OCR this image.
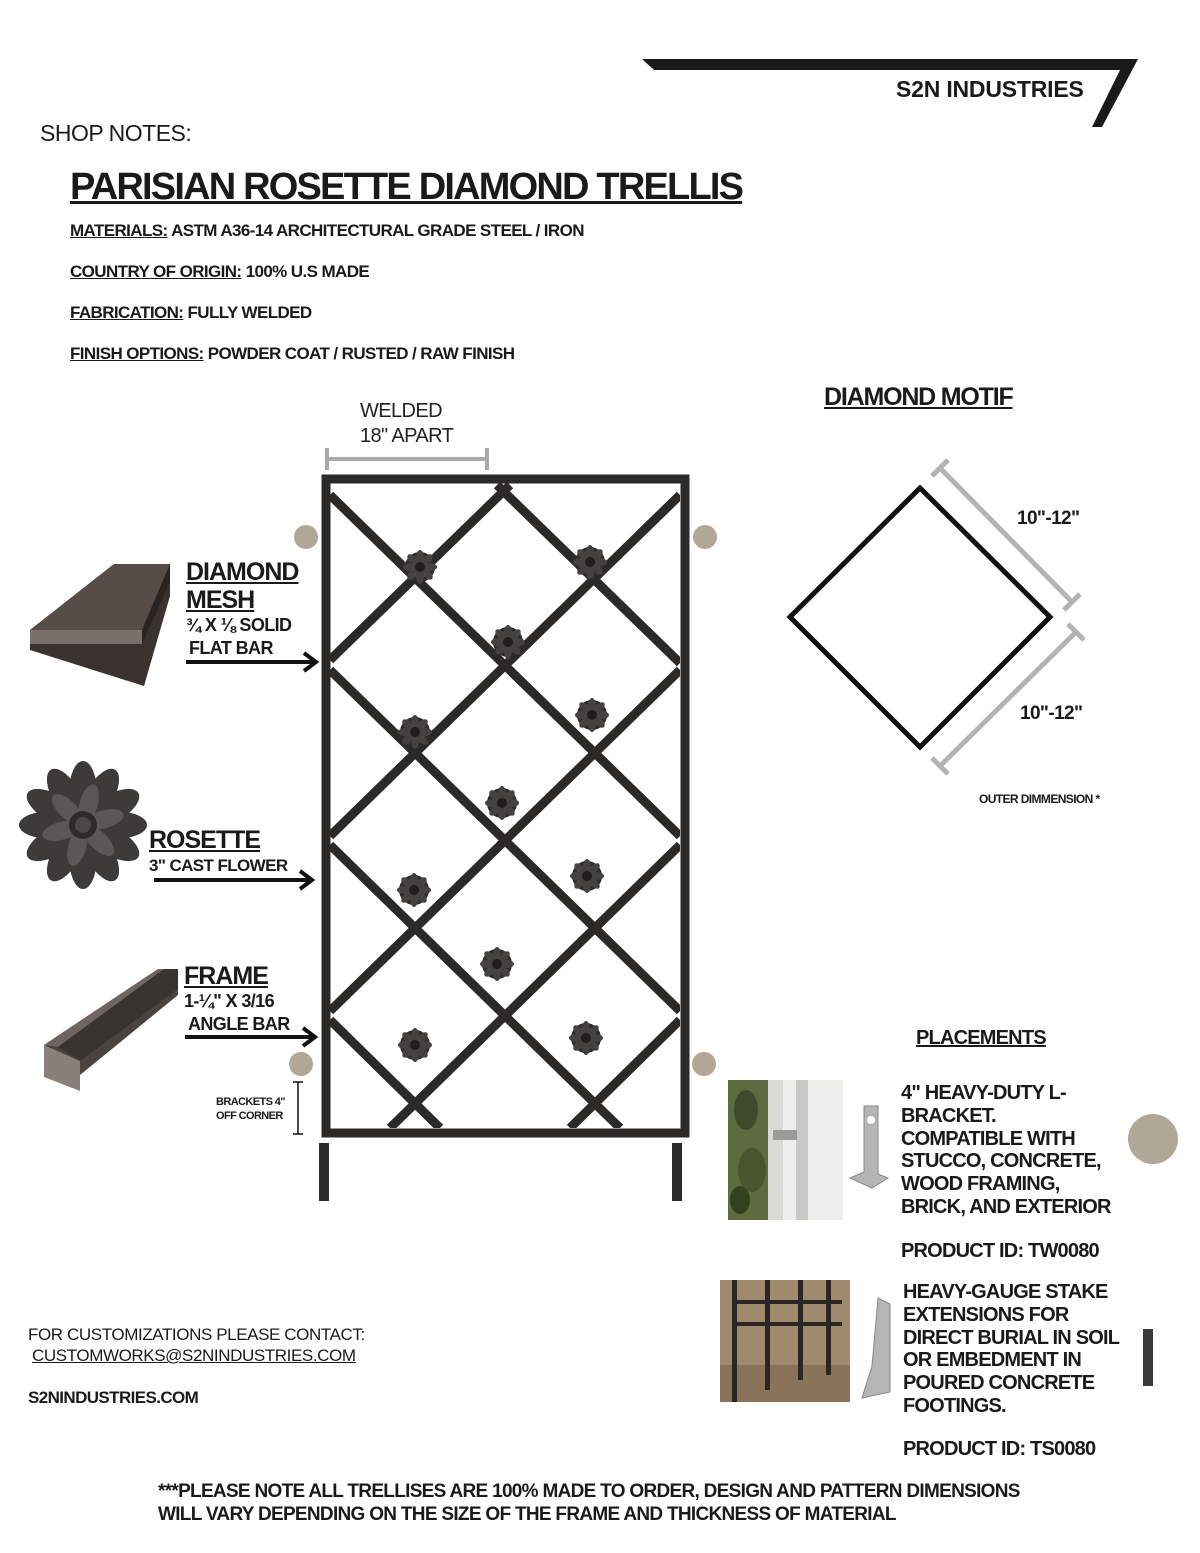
S2N INDUSTRIES
SHOP NOTES:
PARISIAN ROSETTE DIAMOND TRELLIS
MATERIALS: ASTM A36-14 ARCHITECTURAL GRADE STEEL / IRON
COUNTRY OF ORIGIN: 100% U.S MADE
FABRICATION: FULLY WELDED
FINISH OPTIONS: POWDER COAT / RUSTED / RAW FINISH
WELDED
18" APART
DIAMOND
MESH
¾ X ⅛ SOLID
FLAT BAR
ROSETTE
3" CAST FLOWER
FRAME
1-¼" X 3/16
ANGLE BAR
BRACKETS 4"
OFF CORNER
DIAMOND MOTIF
10"-12"
10"-12"
OUTER DIMMENSION *
PLACEMENTS
4" HEAVY-DUTY L-
BRACKET.
COMPATIBLE WITH
STUCCO, CONCRETE,
WOOD FRAMING,
BRICK, AND EXTERIOR
PRODUCT ID: TW0080
HEAVY-GAUGE STAKE
EXTENSIONS FOR
DIRECT BURIAL IN SOIL
OR EMBEDMENT IN
POURED CONCRETE
FOOTINGS.
PRODUCT ID: TS0080
FOR CUSTOMIZATIONS PLEASE CONTACT:
CUSTOMWORKS@S2NINDUSTRIES.COM
S2NINDUSTRIES.COM
***PLEASE NOTE ALL TRELLISES ARE 100% MADE TO ORDER, DESIGN AND PATTERN DIMENSIONS
WILL VARY DEPENDING ON THE SIZE OF THE FRAME AND THICKNESS OF MATERIAL
